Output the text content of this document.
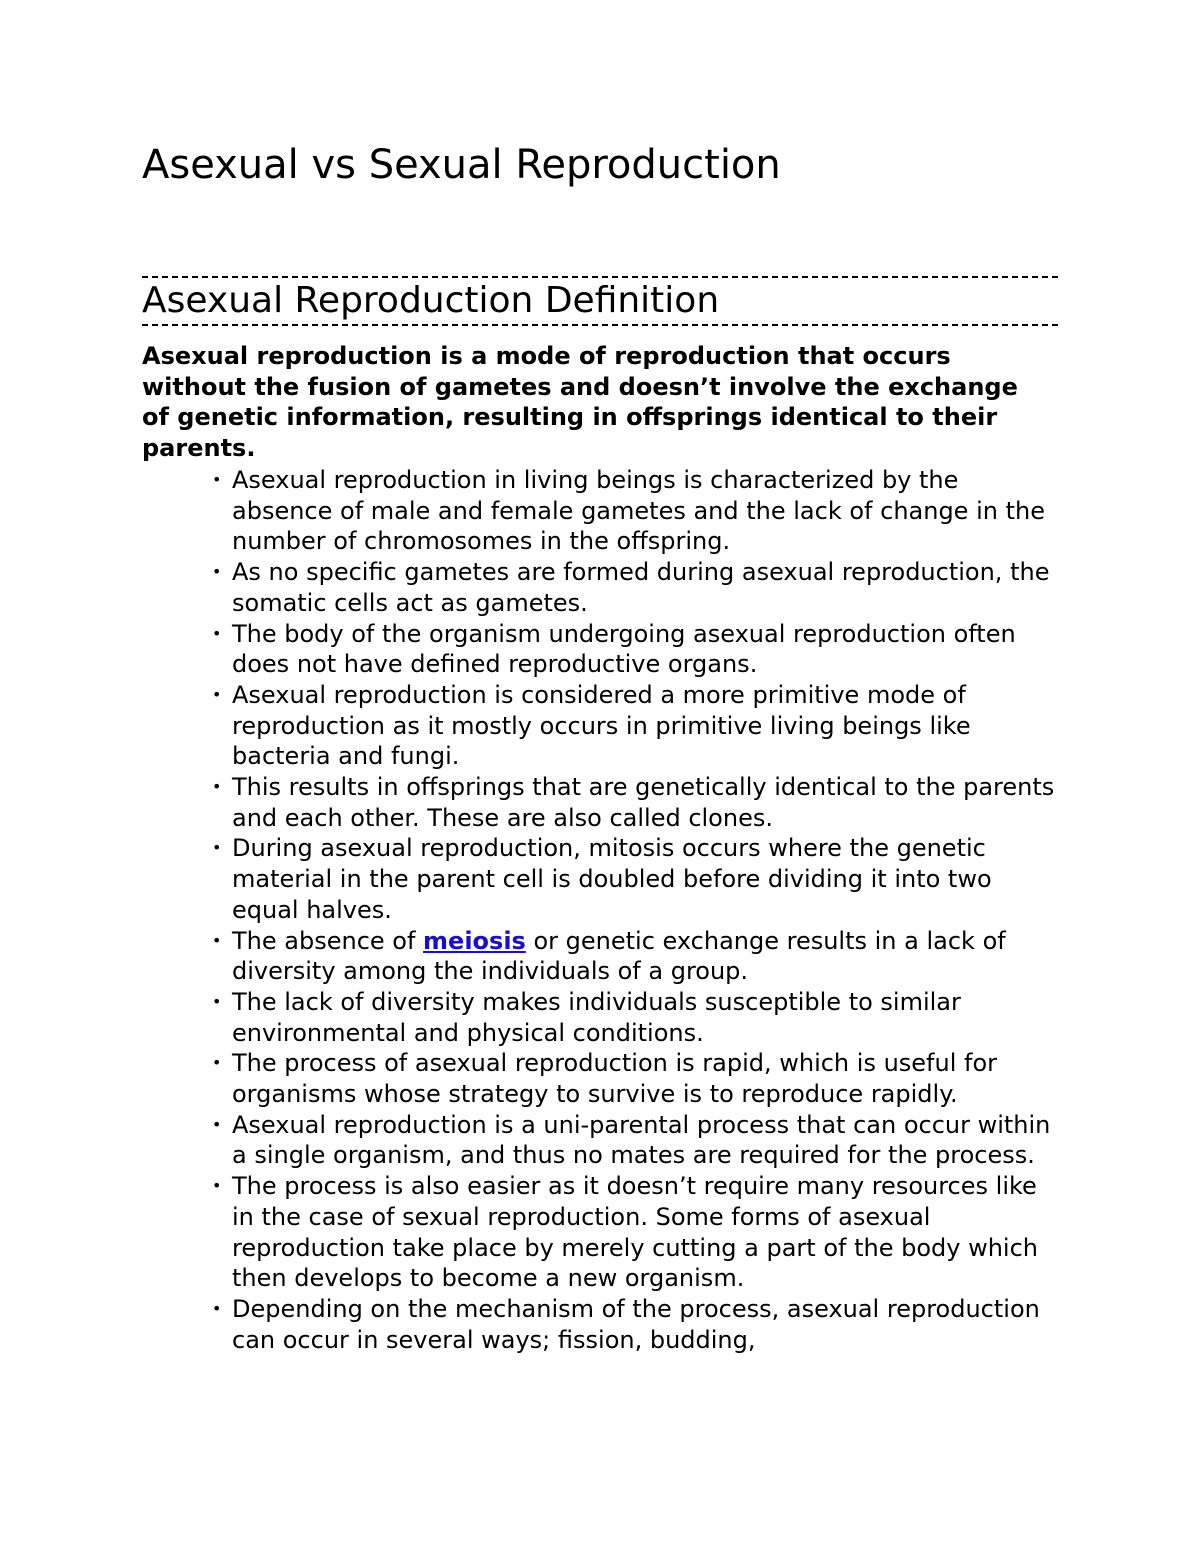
Asexual vs Sexual Reproduction
Asexual Reproduction Definition

Asexual reproduction is a mode of reproduction that occurs without the fusion of gametes and doesn’t involve the exchange of genetic information, resulting in offsprings identical to their parents.

• Asexual reproduction in living beings is characterized by the absence of male and female gametes and the lack of change in the number of chromosomes in the offspring.
• As no specific gametes are formed during asexual reproduction, the somatic cells act as gametes.
• The body of the organism undergoing asexual reproduction often does not have defined reproductive organs.
• Asexual reproduction is considered a more primitive mode of reproduction as it mostly occurs in primitive living beings like bacteria and fungi.
• This results in offsprings that are genetically identical to the parents and each other. These are also called clones.
• During asexual reproduction, mitosis occurs where the genetic material in the parent cell is doubled before dividing it into two equal halves.
• The absence of meiosis or genetic exchange results in a lack of diversity among the individuals of a group.
• The lack of diversity makes individuals susceptible to similar environmental and physical conditions.
• The process of asexual reproduction is rapid, which is useful for organisms whose strategy to survive is to reproduce rapidly.
• Asexual reproduction is a uni-parental process that can occur within a single organism, and thus no mates are required for the process.
• The process is also easier as it doesn’t require many resources like in the case of sexual reproduction. Some forms of asexual reproduction take place by merely cutting a part of the body which then develops to become a new organism.
• Depending on the mechanism of the process, asexual reproduction can occur in several ways; fission, budding,
